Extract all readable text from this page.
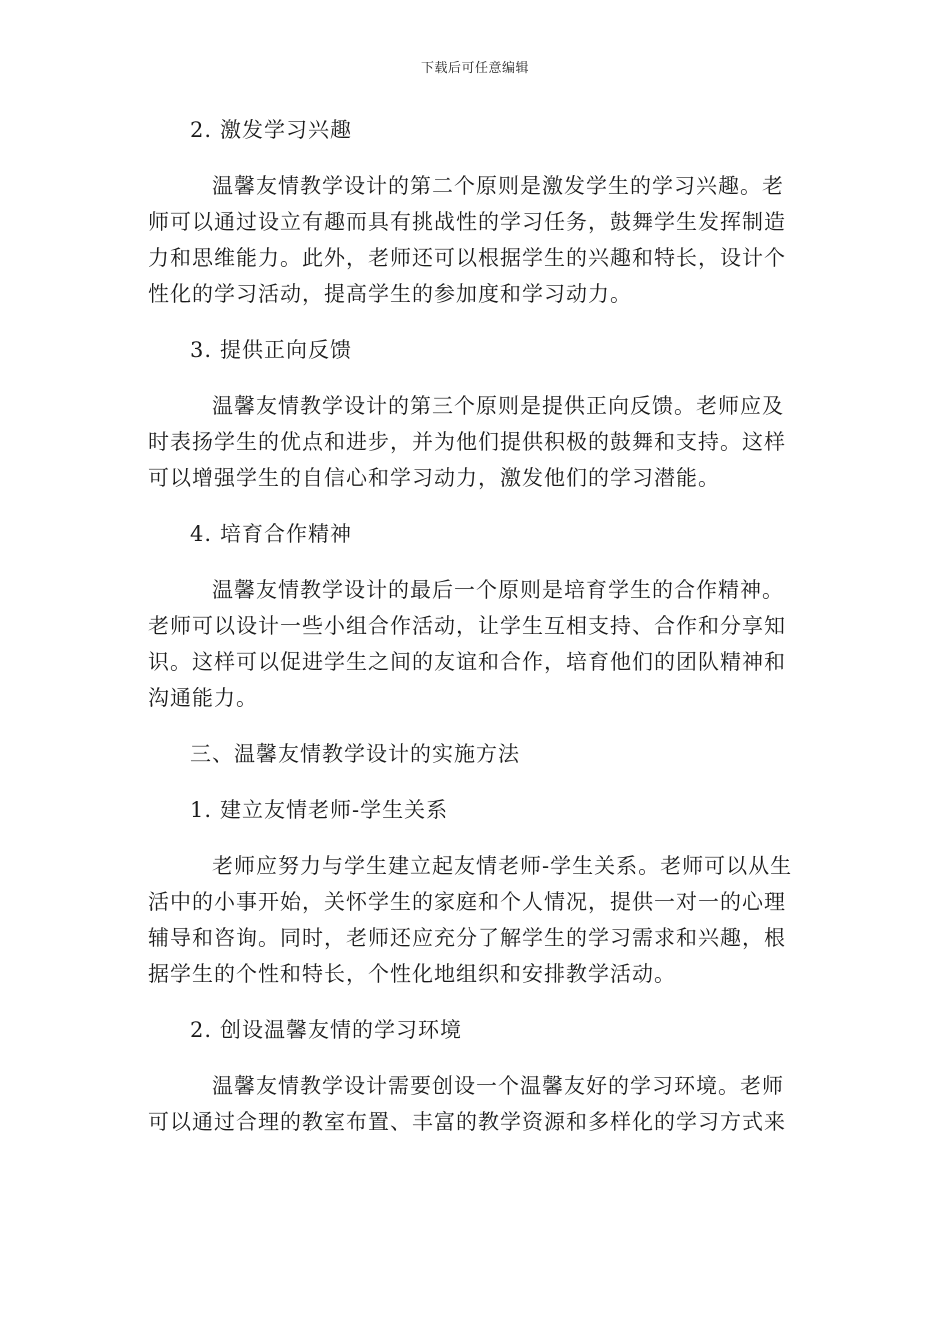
下载后可任意编辑
2. 激发学习兴趣
温馨友情教学设计的第二个原则是激发学生的学习兴趣。老
师可以通过设立有趣而具有挑战性的学习任务，鼓舞学生发挥制造
力和思维能力。此外，老师还可以根据学生的兴趣和特长，设计个
性化的学习活动，提高学生的参加度和学习动力。
3. 提供正向反馈
温馨友情教学设计的第三个原则是提供正向反馈。老师应及
时表扬学生的优点和进步，并为他们提供积极的鼓舞和支持。这样
可以增强学生的自信心和学习动力，激发他们的学习潜能。
4. 培育合作精神
温馨友情教学设计的最后一个原则是培育学生的合作精神。
老师可以设计一些小组合作活动，让学生互相支持、合作和分享知
识。这样可以促进学生之间的友谊和合作，培育他们的团队精神和
沟通能力。
三、温馨友情教学设计的实施方法
1. 建立友情老师-学生关系
老师应努力与学生建立起友情老师-学生关系。老师可以从生
活中的小事开始，关怀学生的家庭和个人情况，提供一对一的心理
辅导和咨询。同时，老师还应充分了解学生的学习需求和兴趣，根
据学生的个性和特长，个性化地组织和安排教学活动。
2. 创设温馨友情的学习环境
温馨友情教学设计需要创设一个温馨友好的学习环境。老师
可以通过合理的教室布置、丰富的教学资源和多样化的学习方式来
